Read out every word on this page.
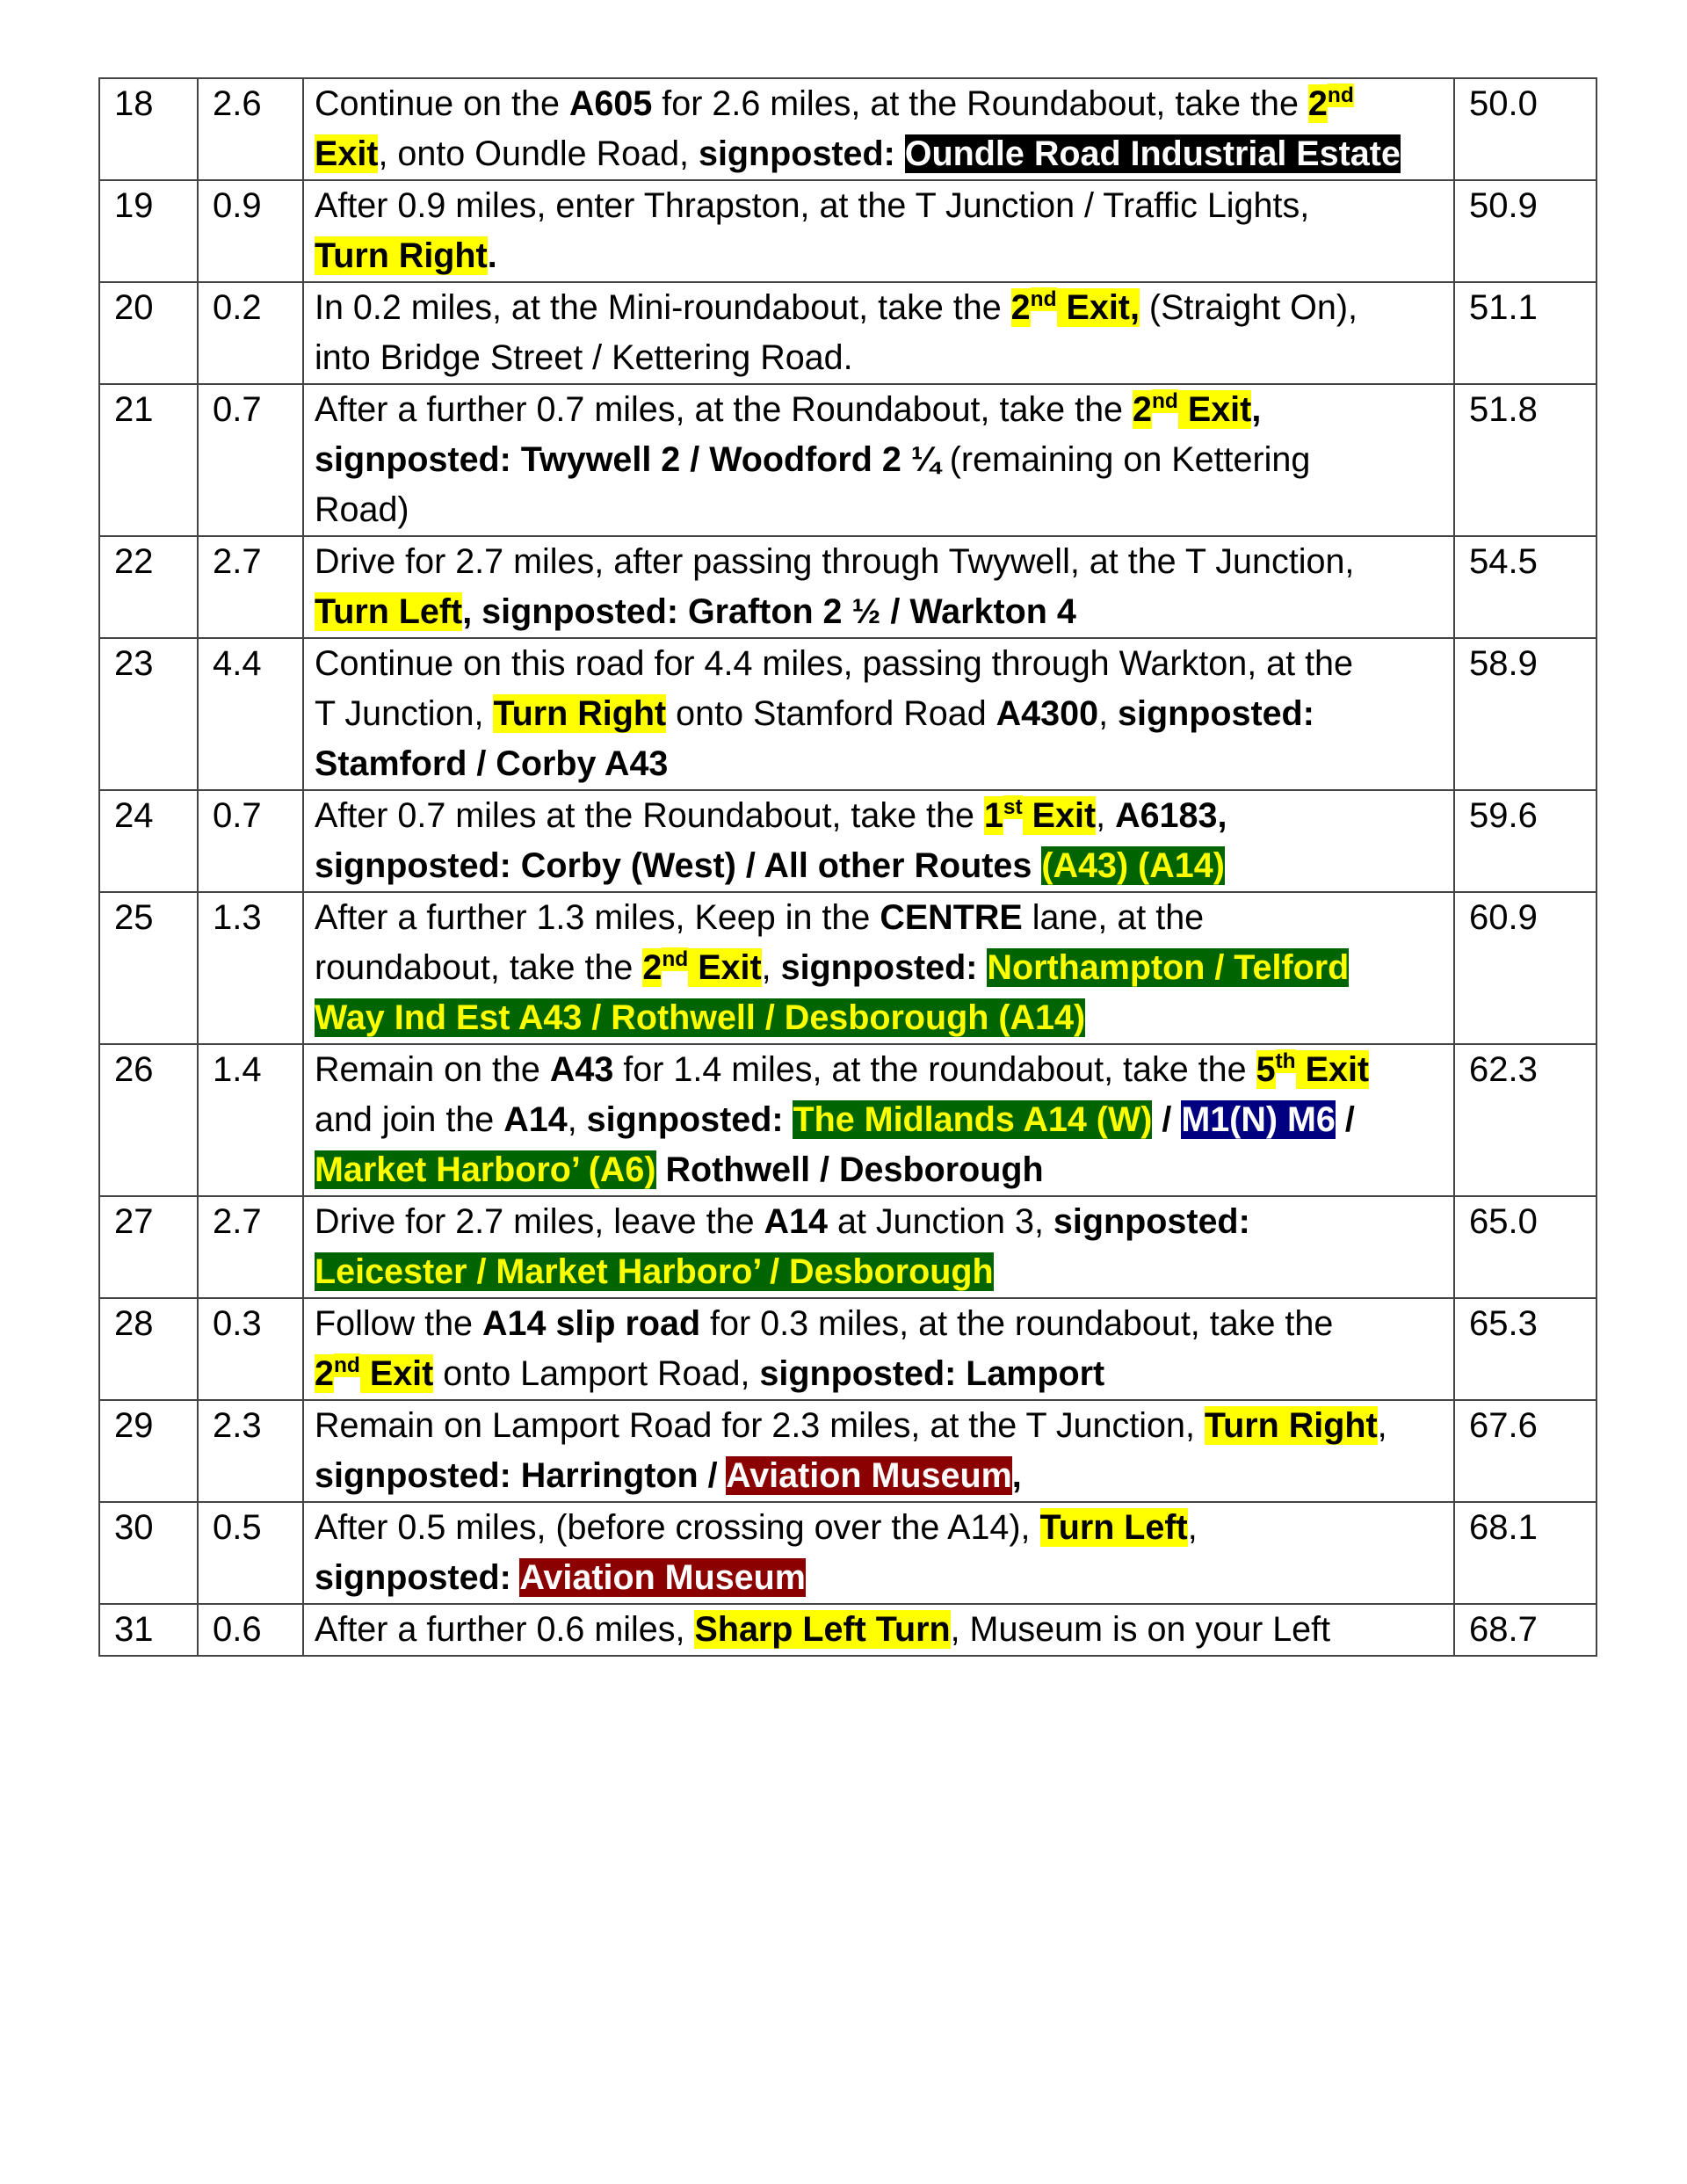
18	2.6	Continue on the A605 for 2.6 miles, at the Roundabout, take the 2nd
Exit, onto Oundle Road, signposted: Oundle Road Industrial Estate	50.0
19	0.9	After 0.9 miles, enter Thrapston, at the T Junction / Traffic Lights,
Turn Right.	50.9
20	0.2	In 0.2 miles, at the Mini-roundabout, take the 2nd Exit, (Straight On),
into Bridge Street / Kettering Road.	51.1
21	0.7	After a further 0.7 miles, at the Roundabout, take the 2nd Exit,
signposted: Twywell 2 / Woodford 2 ¼ (remaining on Kettering
Road)	51.8
22	2.7	Drive for 2.7 miles, after passing through Twywell, at the T Junction,
Turn Left, signposted: Grafton 2 ½ / Warkton 4	54.5
23	4.4	Continue on this road for 4.4 miles, passing through Warkton, at the
T Junction, Turn Right onto Stamford Road A4300, signposted:
Stamford / Corby A43	58.9
24	0.7	After 0.7 miles at the Roundabout, take the 1st Exit, A6183,
signposted: Corby (West) / All other Routes (A43) (A14)	59.6
25	1.3	After a further 1.3 miles, Keep in the CENTRE lane, at the
roundabout, take the 2nd Exit, signposted: Northampton / Telford
Way Ind Est A43 / Rothwell / Desborough (A14)	60.9
26	1.4	Remain on the A43 for 1.4 miles, at the roundabout, take the 5th Exit
and join the A14, signposted: The Midlands A14 (W) / M1(N) M6 /
Market Harboro’ (A6) Rothwell / Desborough	62.3
27	2.7	Drive for 2.7 miles, leave the A14 at Junction 3, signposted:
Leicester / Market Harboro’ / Desborough	65.0
28	0.3	Follow the A14 slip road for 0.3 miles, at the roundabout, take the
2nd Exit onto Lamport Road, signposted: Lamport	65.3
29	2.3	Remain on Lamport Road for 2.3 miles, at the T Junction, Turn Right,
signposted: Harrington / Aviation Museum,	67.6
30	0.5	After 0.5 miles, (before crossing over the A14), Turn Left,
signposted: Aviation Museum	68.1
31	0.6	After a further 0.6 miles, Sharp Left Turn, Museum is on your Left	68.7
